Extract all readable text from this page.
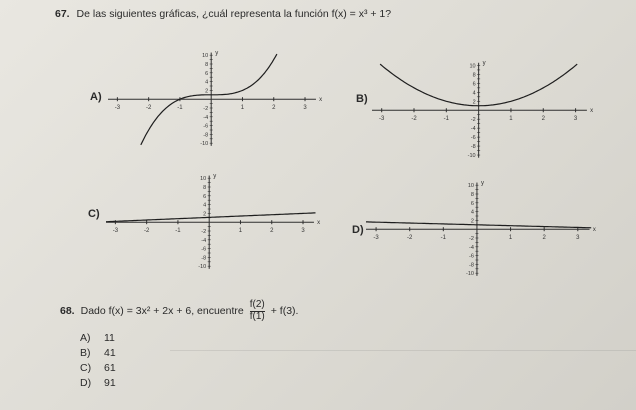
67. De las siguientes gráficas, ¿cuál representa la función f(x) = x³ + 1?
A)
-3	-2	-1	1	2	3
10
8
6
4
2
-2
-4
-6
-8
-10
x
y
B)
-3	-2	-1	1	2	3
10
8
6
4
2
-2
-4
-6
-8
-10
x
y
C)
-3	-2	-1	1	2	3
10
8
6
4
2
-2
-4
-6
-8
-10
x
y
D)
-3	-2	-1	1	2	3
10
8
6
4
2
-2
-4
-6
-8
-10
x
y
68. Dado f(x) = 3x² + 2x + 6, encuentre $\frac{f(2)}{f(1)} + f(3)$.
A)	11
B)	41
C) 61
D) 91
